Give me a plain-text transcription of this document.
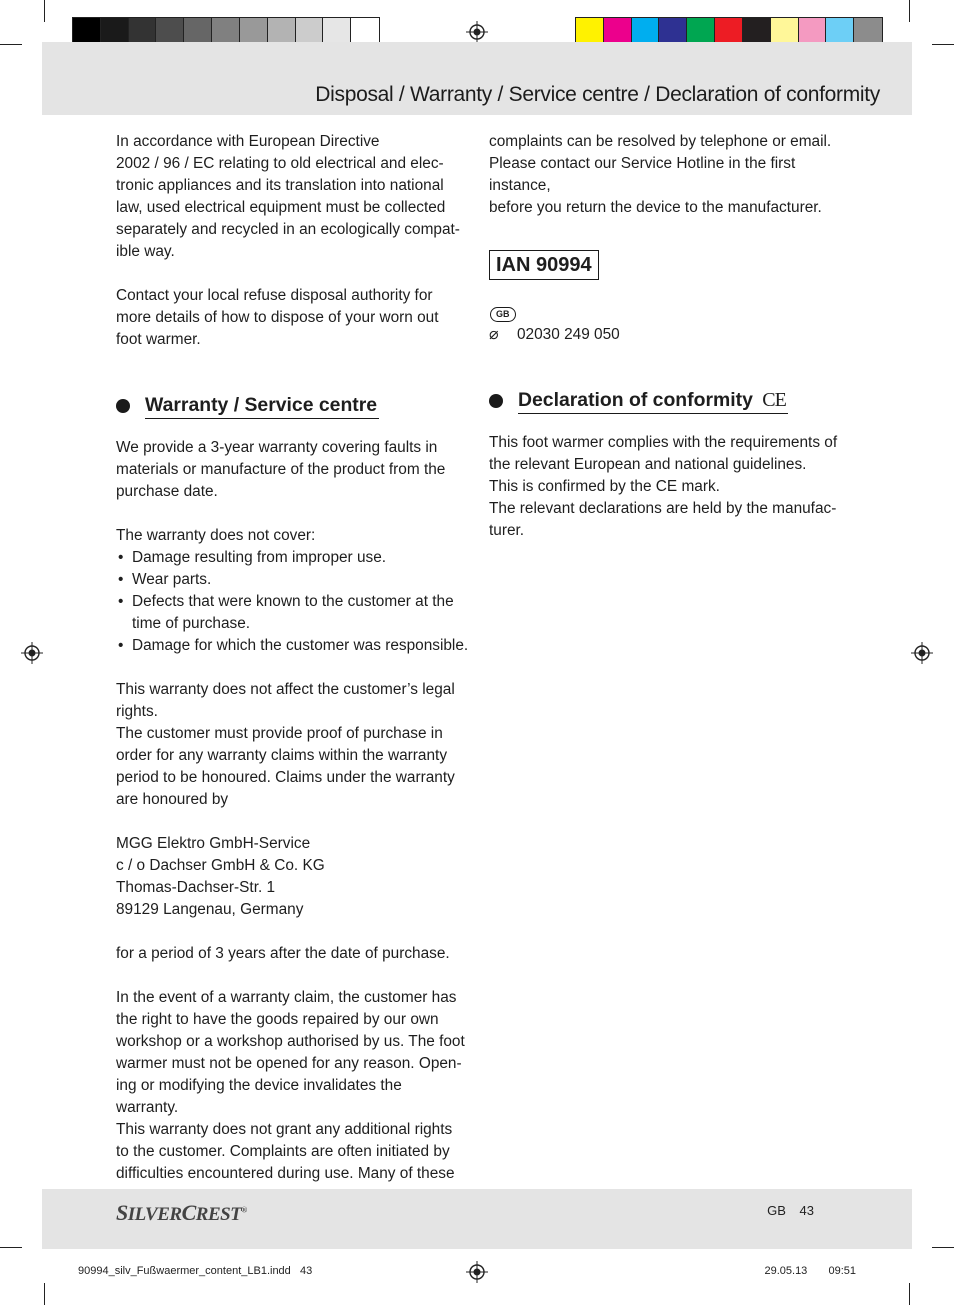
Disposal / Warranty / Service centre / Declaration of conformity

In accordance with European Directive
2002 / 96 / EC relating to old electrical and elec-
tronic appliances and its translation into national
law, used electrical equipment must be collected
separately and recycled in an ecologically compat-
ible way.

Contact your local refuse disposal authority for
more details of how to dispose of your worn out
foot warmer.

Warranty / Service centre

We provide a 3-year warranty covering faults in
materials or manufacture of the product from the
purchase date.

The warranty does not cover:

• Damage resulting from improper use.
• Wear parts.
• Defects that were known to the customer at the time of purchase.
• Damage for which the customer was responsible.

This warranty does not affect the customer’s legal
rights.
The customer must provide proof of purchase in
order for any warranty claims within the warranty
period to be honoured. Claims under the warranty
are honoured by

MGG Elektro GmbH-Service
c / o Dachser GmbH & Co. KG
Thomas-Dachser-Str. 1
89129 Langenau, Germany

for a period of 3 years after the date of purchase.

In the event of a warranty claim, the customer has
the right to have the goods repaired by our own
workshop or a workshop authorised by us. The foot
warmer must not be opened for any reason. Open-
ing or modifying the device invalidates the warranty.
This warranty does not grant any additional rights
to the customer. Complaints are often initiated by
difficulties encountered during use. Many of these

complaints can be resolved by telephone or email.
Please contact our Service Hotline in the first instance,
before you return the device to the manufacturer.

IAN 90994
GB
⌀	02030 249 050
Declaration of conformity CE

This foot warmer complies with the requirements of
the relevant European and national guidelines.
This is confirmed by the CE mark.
The relevant declarations are held by the manufac-
turer.

SILVERCREST®	GB 43
90994_silv_Fußwaermer_content_LB1.indd   43	29.05.13   09:51
